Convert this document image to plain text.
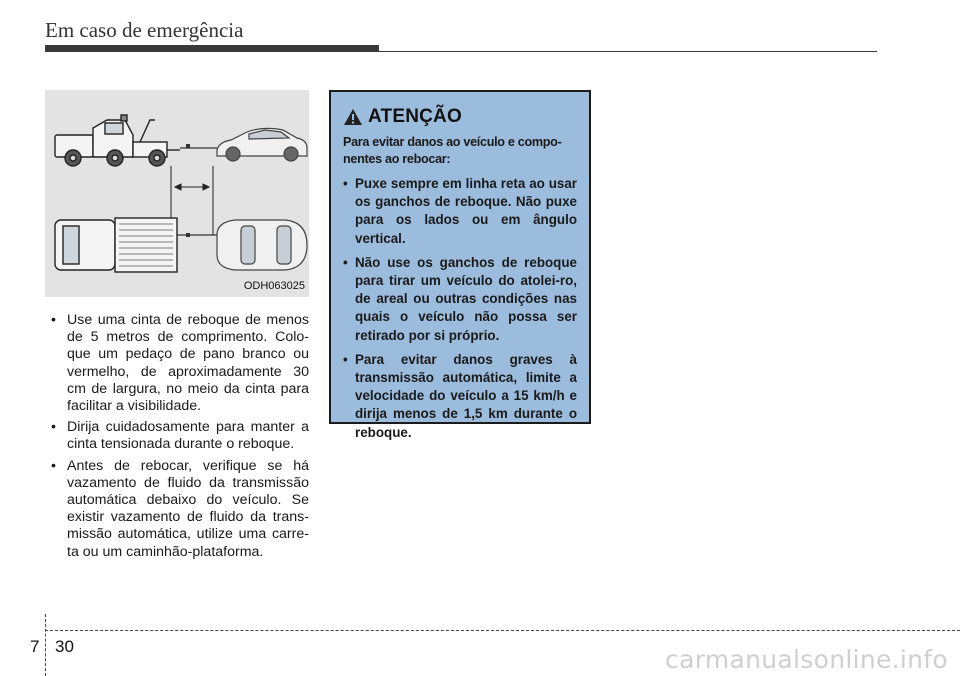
Em caso de emergência
ODH063025
• Use uma cinta de reboque de menos de 5 metros de comprimento. Colo-que um pedaço de pano branco ou vermelho, de aproximadamente 30 cm de largura, no meio da cinta para facilitar a visibilidade.
• Dirija cuidadosamente para manter a cinta tensionada durante o reboque.
• Antes de rebocar, verifique se há vazamento de fluido da transmissão automática debaixo do veículo. Se existir vazamento de fluido da trans-missão automática, utilize uma carre-ta ou um caminhão-plataforma.
ATENÇÃO

Para evitar danos ao veículo e compo-nentes ao rebocar:

• Puxe sempre em linha reta ao usar os ganchos de reboque. Não puxe para os lados ou em ângulo vertical.
• Não use os ganchos de reboque para tirar um veículo do atolei-ro, de areal ou outras condições nas quais o veículo não possa ser retirado por si próprio.
• Para evitar danos graves à transmissão automática, limite a velocidade do veículo a 15 km/h e dirija menos de 1,5 km durante o reboque.
7 30	carmanualsonline.info
